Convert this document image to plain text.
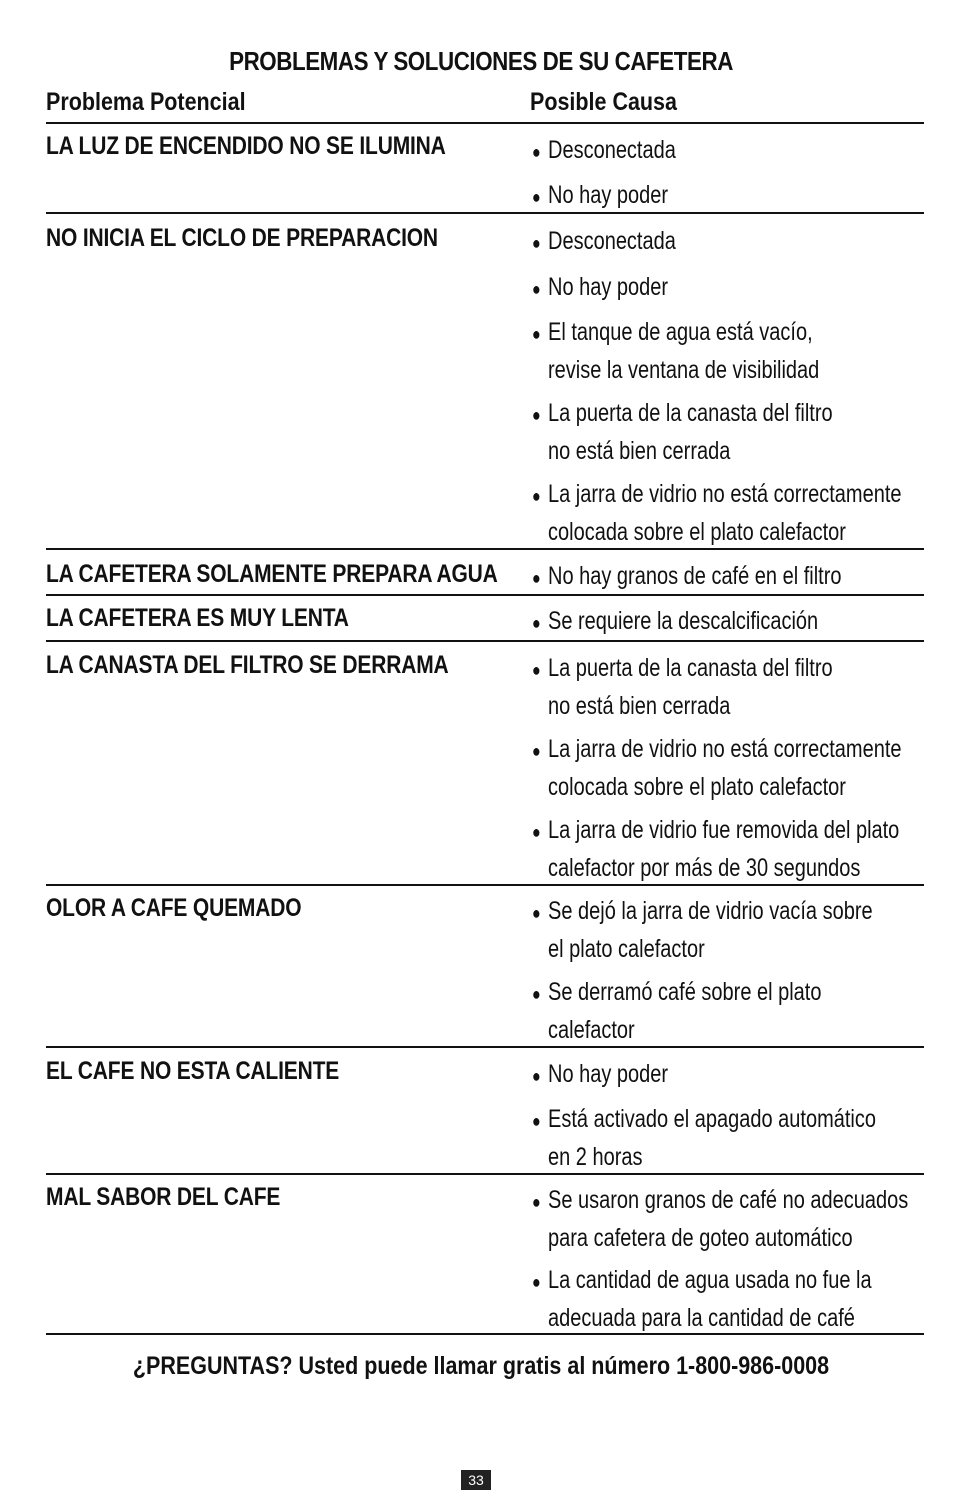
PROBLEMAS Y SOLUCIONES DE SU CAFETERA
Problema Potencial	Posible Causa
LA LUZ DE ENCENDIDO NO SE ILUMINA	● Desconectada
● No hay poder
NO INICIA EL CICLO DE PREPARACION	● Desconectada
● No hay poder
● El tanque de agua está vacío,
revise la ventana de visibilidad
● La puerta de la canasta del filtro
no está bien cerrada
● La jarra de vidrio no está correctamente
colocada sobre el plato calefactor
LA CAFETERA SOLAMENTE PREPARA AGUA ● No hay granos de café en el filtro
LA CAFETERA ES MUY LENTA	● Se requiere la descalcificación
LA CANASTA DEL FILTRO SE DERRAMA	● La puerta de la canasta del filtro
no está bien cerrada
● La jarra de vidrio no está correctamente
colocada sobre el plato calefactor
● La jarra de vidrio fue removida del plato
calefactor por más de 30 segundos
OLOR A CAFE QUEMADO	● Se dejó la jarra de vidrio vacía sobre
el plato calefactor
● Se derramó café sobre el plato
calefactor
EL CAFE NO ESTA CALIENTE	● No hay poder
● Está activado el apagado automático
en 2 horas
MAL SABOR DEL CAFE	● Se usaron granos de café no adecuados
para cafetera de goteo automático
● La cantidad de agua usada no fue la
adecuada para la cantidad de café
¿PREGUNTAS? Usted puede llamar gratis al número 1-800-986-0008
33
